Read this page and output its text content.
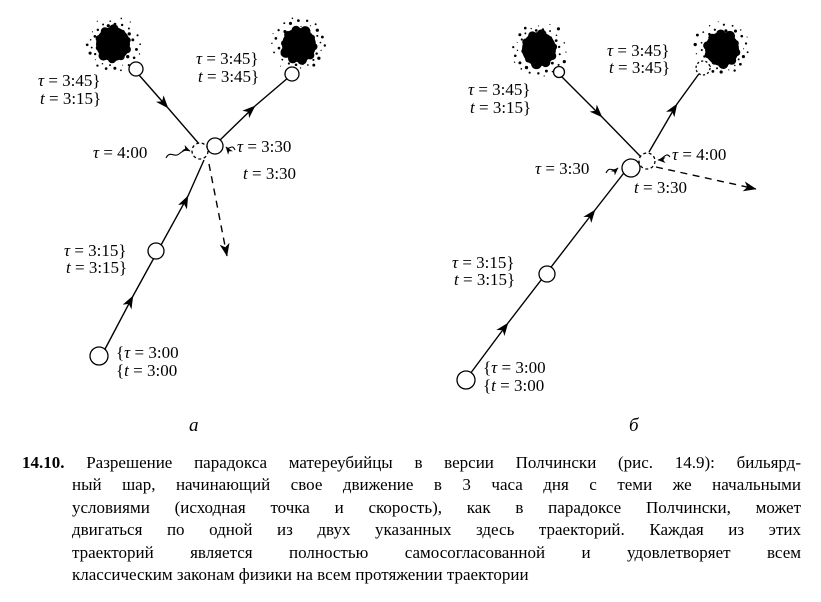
τ = 3:45}
t = 3:15}
τ = 3:45}
t = 3:45}
τ = 4:00	τ = 3:30
t = 3:30
τ = 3:15}
t = 3:15}
{τ = 3:00
{t = 3:00
а
τ = 3:45}
t = 3:15}
τ = 3:45}
t = 3:45}
τ = 3:30
τ = 4:00
t = 3:30
τ = 3:15}
t = 3:15}
{τ = 3:00
{t = 3:00
б
14.10. Разрешение парадокса матереубийцы в версии Полчински (рис. 14.9): бильярд-
ный шар, начинающий свое движение в 3 часа дня с теми же начальными
условиями (исходная точка и скорость), как в парадоксе Полчински, может
двигаться по одной из двух указанных здесь траекторий. Каждая из этих
траекторий является полностью самосогласованной и удовлетворяет всем
классическим законам физики на всем протяжении траектории
